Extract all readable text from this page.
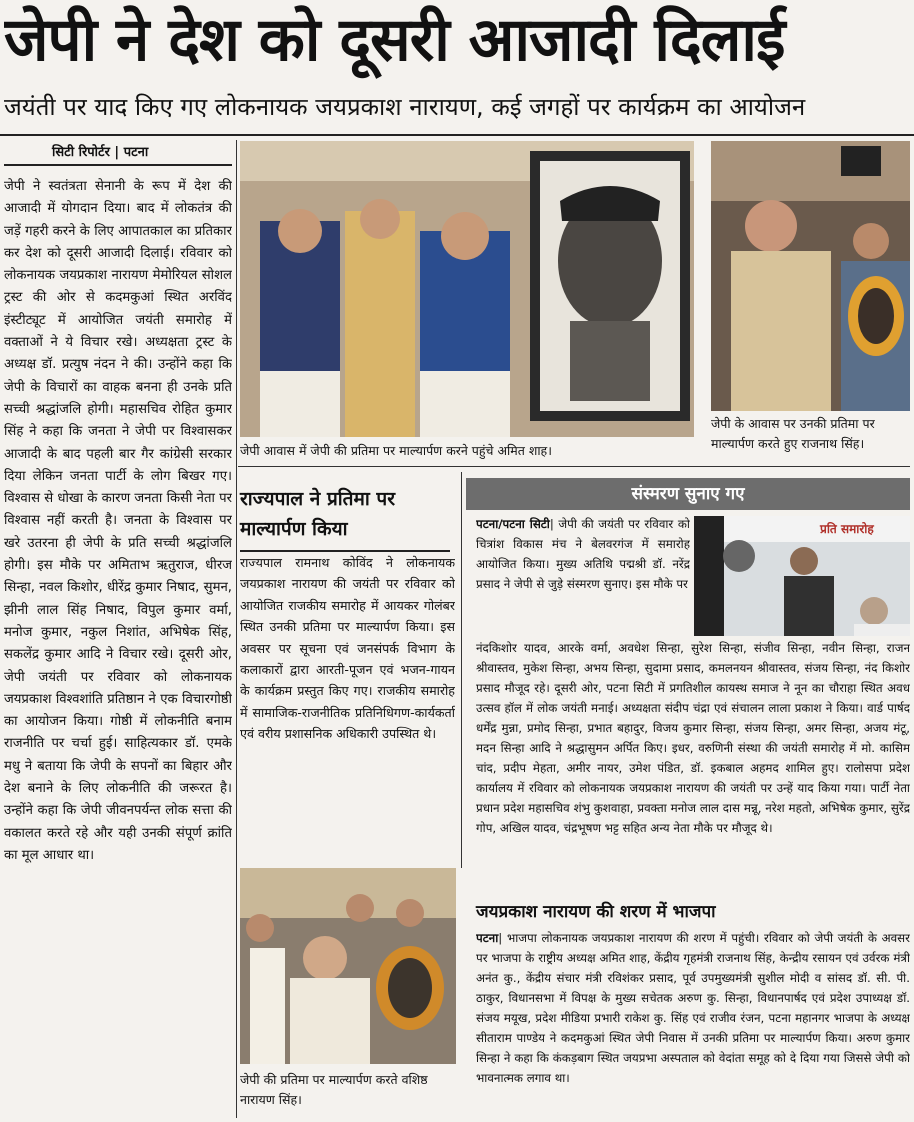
जेपी ने देश को दूसरी आजादी दिलाई
जयंती पर याद किए गए लोकनायक जयप्रकाश नारायण, कई जगहों पर कार्यक्रम का आयोजन
सिटी रिपोर्टर | पटना
जेपी ने स्वतंत्रता सेनानी के रूप में देश की आजादी में योगदान दिया। बाद में लोकतंत्र की जड़ें गहरी करने के लिए आपातकाल का प्रतिकार कर देश को दूसरी आजादी दिलाई। रविवार को लोकनायक जयप्रकाश नारायण मेमोरियल सोशल ट्रस्ट की ओर से कदमकुआं स्थित अरविंद इंस्टीट्यूट में आयोजित जयंती समारोह में वक्ताओं ने ये विचार रखे। अध्यक्षता ट्रस्ट के अध्यक्ष डॉ. प्रत्युष नंदन ने की। उन्होंने कहा कि जेपी के विचारों का वाहक बनना ही उनके प्रति सच्ची श्रद्धांजलि होगी। महासचिव रोहित कुमार सिंह ने कहा कि जनता ने जेपी पर विश्वासकर आजादी के बाद पहली बार गैर कांग्रेसी सरकार दिया लेकिन जनता पार्टी के लोग बिखर गए। विश्वास से धोखा के कारण जनता किसी नेता पर विश्वास नहीं करती है। जनता के विश्वास पर खरे उतरना ही जेपी के प्रति सच्ची श्रद्धांजलि होगी। इस मौके पर अमिताभ ऋतुराज, धीरज सिन्हा, नवल किशोर, धीरेंद्र कुमार निषाद, सुमन, झीनी लाल सिंह निषाद, विपुल कुमार वर्मा, मनोज कुमार, नकुल निशांत, अभिषेक सिंह, सकलेंद्र कुमार आदि ने विचार रखे। दूसरी ओर, जेपी जयंती पर रविवार को लोकनायक जयप्रकाश विश्वशांति प्रतिष्ठान ने एक विचारगोष्ठी का आयोजन किया। गोष्ठी में लोकनीति बनाम राजनीति पर चर्चा हुई। साहित्यकार डॉ. एमके मधु ने बताया कि जेपी के सपनों का बिहार और देश बनाने के लिए लोकनीति की जरूरत है। उन्होंने कहा कि जेपी जीवनपर्यन्त लोक सत्ता की वकालत करते रहे और यही उनकी संपूर्ण क्रांति का मूल आधार था।
जेपी आवास में जेपी की प्रतिमा पर माल्यार्पण करने पहुंचे अमित शाह।
जेपी के आवास पर उनकी प्रतिमा पर माल्यार्पण करते हुए राजनाथ सिंह।
राज्यपाल ने प्रतिमा पर माल्यार्पण किया
राज्यपाल रामनाथ कोविंद ने लोकनायक जयप्रकाश नारायण की जयंती पर रविवार को आयोजित राजकीय समारोह में आयकर गोलंबर स्थित उनकी प्रतिमा पर माल्यार्पण किया। इस अवसर पर सूचना एवं जनसंपर्क विभाग के कलाकारों द्वारा आरती-पूजन एवं भजन-गायन के कार्यक्रम प्रस्तुत किए गए। राजकीय समारोह में सामाजिक-राजनीतिक प्रतिनिधिगण-कार्यकर्ता एवं वरीय प्रशासनिक अधिकारी उपस्थित थे।
जेपी की प्रतिमा पर माल्यार्पण करते वशिष्ठ नारायण सिंह।
संस्मरण सुनाए गए
पटना/पटना सिटी| जेपी की जयंती पर रविवार को चित्रांश विकास मंच ने बेलवरगंज में समारोह आयोजित किया। मुख्य अतिथि पद्मश्री डॉ. नरेंद्र प्रसाद ने जेपी से जुड़े संस्मरण सुनाए। इस मौके पर
प्रति समारोह
नंदकिशोर यादव, आरके वर्मा, अवधेश सिन्हा, सुरेश सिन्हा, संजीव सिन्हा, नवीन सिन्हा, राजन श्रीवास्तव, मुकेश सिन्हा, अभय सिन्हा, सुदामा प्रसाद, कमलनयन श्रीवास्तव, संजय सिन्हा, नंद किशोर प्रसाद मौजूद रहे। दूसरी ओर, पटना सिटी में प्रगतिशील कायस्थ समाज ने नून का चौराहा स्थित अवध उत्सव हॉल में लोक जयंती मनाई। अध्यक्षता संदीप चंद्रा एवं संचालन लाला प्रकाश ने किया। वार्ड पार्षद धर्मेंद्र मुन्ना, प्रमोद सिन्हा, प्रभात बहादुर, विजय कुमार सिन्हा, संजय सिन्हा, अमर सिन्हा, अजय मंटू, मदन सिन्हा आदि ने श्रद्धासुमन अर्पित किए। इधर, वरुणिनी संस्था की जयंती समारोह में मो. कासिम चांद, प्रदीप मेहता, अमीर नायर, उमेश पंडित, डॉ. इकबाल अहमद शामिल हुए। रालोसपा प्रदेश कार्यालय में रविवार को लोकनायक जयप्रकाश नारायण की जयंती पर उन्हें याद किया गया। पार्टी नेता प्रधान प्रदेश महासचिव शंभु कुशवाहा, प्रवक्ता मनोज लाल दास मन्नू, नरेश महतो, अभिषेक कुमार, सुरेंद्र गोप, अखिल यादव, चंद्रभूषण भट्ट सहित अन्य नेता मौके पर मौजूद थे।
जयप्रकाश नारायण की शरण में भाजपा
पटना| भाजपा लोकनायक जयप्रकाश नारायण की शरण में पहुंची। रविवार को जेपी जयंती के अवसर पर भाजपा के राष्ट्रीय अध्यक्ष अमित शाह, केंद्रीय गृहमंत्री राजनाथ सिंह, केन्द्रीय रसायन एवं उर्वरक मंत्री अनंत कु., केंद्रीय संचार मंत्री रविशंकर प्रसाद, पूर्व उपमुख्यमंत्री सुशील मोदी व सांसद डॉ. सी. पी. ठाकुर, विधानसभा में विपक्ष के मुख्य सचेतक अरुण कु. सिन्हा, विधानपार्षद एवं प्रदेश उपाध्यक्ष डॉ. संजय मयूख, प्रदेश मीडिया प्रभारी राकेश कु. सिंह एवं राजीव रंजन, पटना महानगर भाजपा के अध्यक्ष सीताराम पाण्डेय ने कदमकुआं स्थित जेपी निवास में उनकी प्रतिमा पर माल्यार्पण किया। अरुण कुमार सिन्हा ने कहा कि कंकड़बाग स्थित जयप्रभा अस्पताल को वेदांता समूह को दे दिया गया जिससे जेपी को भावनात्मक लगाव था।
